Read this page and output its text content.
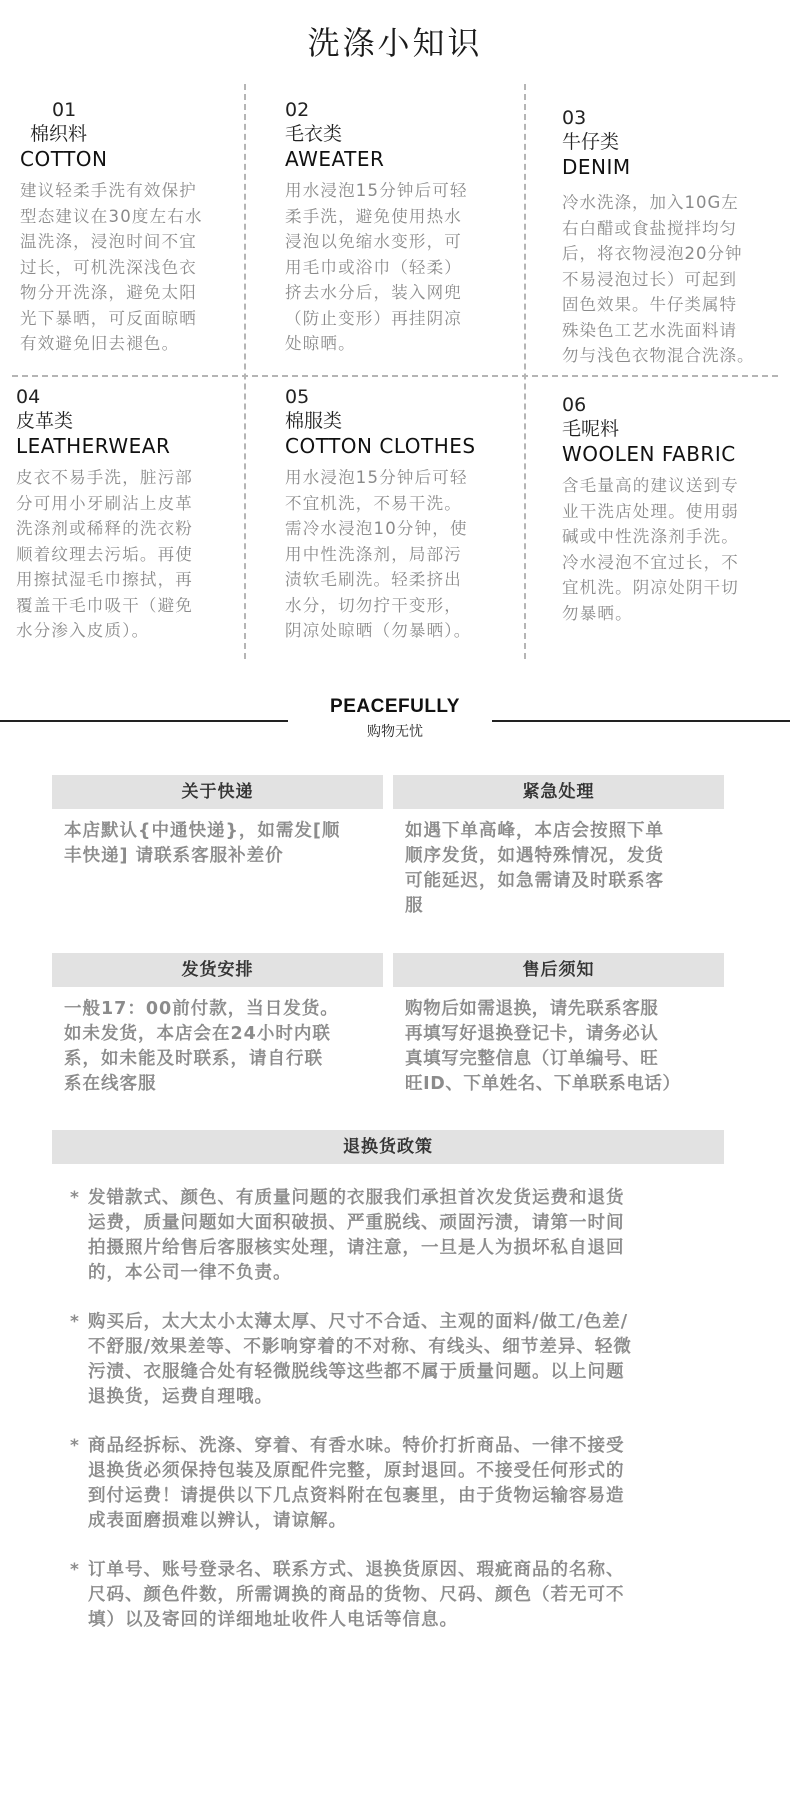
洗涤小知识
01
棉织料
COTTON
建议轻柔手洗有效保护
型态建议在30度左右水
温洗涤，浸泡时间不宜
过长，可机洗深浅色衣
物分开洗涤，避免太阳
光下暴晒，可反面晾晒
有效避免旧去褪色。
02
毛衣类
AWEATER
用水浸泡15分钟后可轻
柔手洗，避免使用热水
浸泡以免缩水变形，可
用毛巾或浴巾（轻柔）
挤去水分后，装入网兜
（防止变形）再挂阴凉
处晾晒。
03
牛仔类
DENIM
冷水洗涤，加入10G左
右白醋或食盐搅拌均匀
后，将衣物浸泡20分钟
不易浸泡过长）可起到
固色效果。牛仔类属特
殊染色工艺水洗面料请
勿与浅色衣物混合洗涤。
04
皮革类
LEATHERWEAR
皮衣不易手洗，脏污部
分可用小牙刷沾上皮革
洗涤剂或稀释的洗衣粉
顺着纹理去污垢。再使
用擦拭湿毛巾擦拭，再
覆盖干毛巾吸干（避免
水分渗入皮质）。
05
棉服类
COTTON CLOTHES
用水浸泡15分钟后可轻
不宜机洗，不易干洗。
需冷水浸泡10分钟，使
用中性洗涤剂，局部污
渍软毛刷洗。轻柔挤出
水分，切勿拧干变形，
阴凉处晾晒（勿暴晒）。
06
毛呢料
WOOLEN FABRIC
含毛量高的建议送到专
业干洗店处理。使用弱
碱或中性洗涤剂手洗。
冷水浸泡不宜过长，不
宜机洗。阴凉处阴干切
勿暴晒。
PEACEFULLY
购物无忧
关于快递
本店默认{中通快递}，如需发[顺
丰快递] 请联系客服补差价
紧急处理
如遇下单高峰，本店会按照下单
顺序发货，如遇特殊情况，发货
可能延迟，如急需请及时联系客
服
发货安排
一般17：00前付款，当日发货。
如未发货，本店会在24小时内联
系，如未能及时联系，请自行联
系在线客服
售后须知
购物后如需退换，请先联系客服
再填写好退换登记卡，请务必认
真填写完整信息（订单编号、旺
旺ID、下单姓名、下单联系电话）
退换货政策
* 发错款式、颜色、有质量问题的衣服我们承担首次发货运费和退货
运费，质量问题如大面积破损、严重脱线、顽固污渍，请第一时间
拍摄照片给售后客服核实处理，请注意，一旦是人为损坏私自退回
的，本公司一律不负责。
* 购买后，太大太小太薄太厚、尺寸不合适、主观的面料/做工/色差/
不舒服/效果差等、不影响穿着的不对称、有线头、细节差异、轻微
污渍、衣服缝合处有轻微脱线等这些都不属于质量问题。以上问题
退换货，运费自理哦。
* 商品经拆标、洗涤、穿着、有香水味。特价打折商品、一律不接受
退换货必须保持包装及原配件完整，原封退回。不接受任何形式的
到付运费！请提供以下几点资料附在包裹里，由于货物运输容易造
成表面磨损难以辨认，请谅解。
* 订单号、账号登录名、联系方式、退换货原因、瑕疵商品的名称、
尺码、颜色件数，所需调换的商品的货物、尺码、颜色（若无可不
填）以及寄回的详细地址收件人电话等信息。
